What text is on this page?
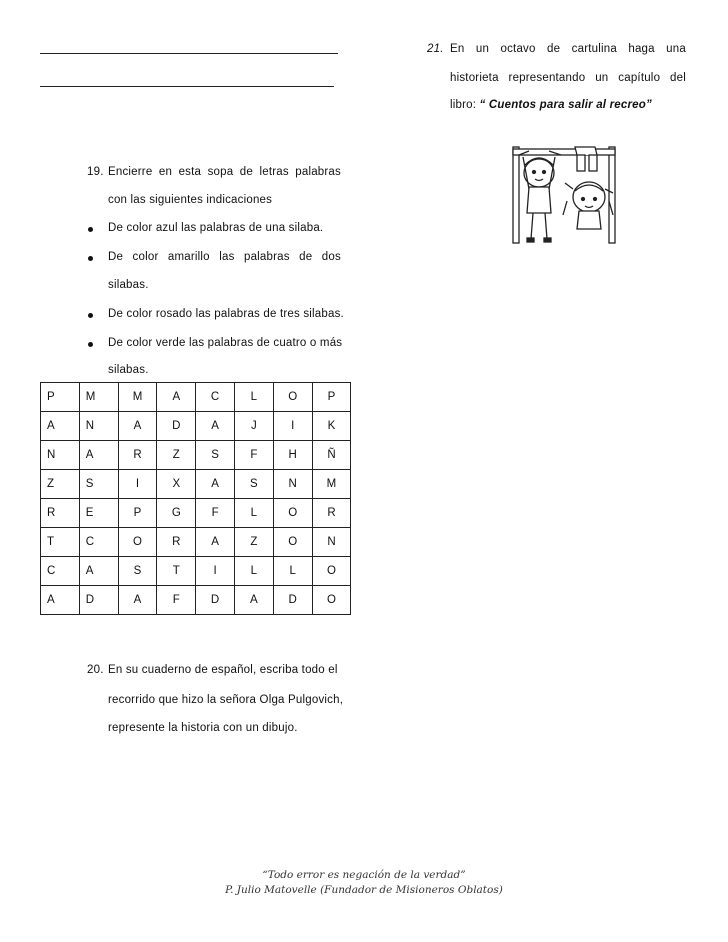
21. En un octavo de cartulina haga una
historieta representando un capítulo del
libro: “ Cuentos para salir al recreo”
19. Encierre en esta sopa de letras palabras
con las siguientes indicaciones
De color azul las palabras de una silaba.
De color amarillo las palabras de dos
silabas.
De color rosado las palabras de tres silabas.
De color verde las palabras de cuatro o más
silabas.
P	M	M	A	C	L	O	P
A	N	A	D	A	J	I	K
N	A	R	Z	S	F	H	Ñ
Z	S	I	X	A	S	N	M
R	E	P	G	F	L	O	R
T	C	O	R	A	Z	O	N
C	A	S	T	I	L	L	O
A	D	A	F	D	A	D	O
20. En su cuaderno de español, escriba todo el
recorrido que hizo la señora Olga Pulgovich,
represente la historia con un dibujo.
“Todo error es negación de la verdad”
P. Julio Matovelle (Fundador de Misioneros Oblatos)
